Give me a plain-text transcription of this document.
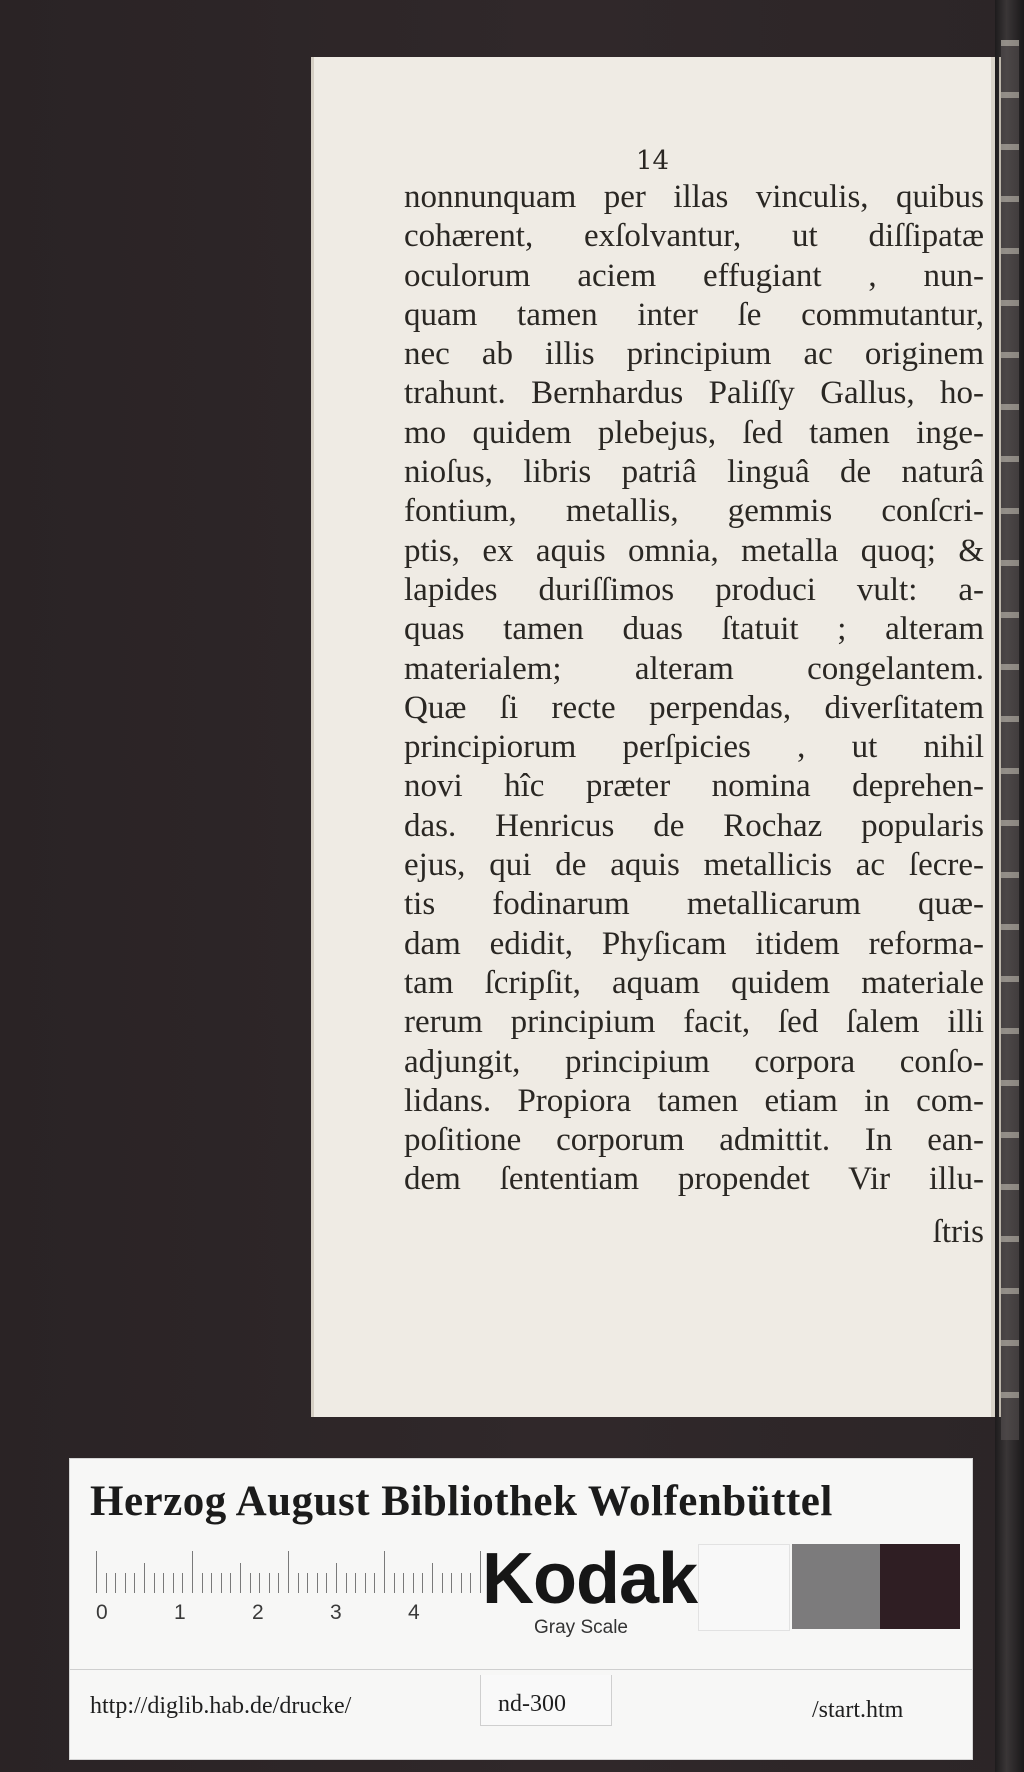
14
nonnunquam per illas vinculis, quibus
cohærent, exſolvantur, ut diſſipatæ
oculorum aciem effugiant , nun-
quam tamen inter ſe commutantur,
nec ab illis principium ac originem
trahunt. Bernhardus Paliſſy Gallus, ho-
mo quidem plebejus, ſed tamen inge-
nioſus, libris patriâ linguâ de naturâ
fontium, metallis, gemmis conſcri-
ptis, ex aquis omnia, metalla quoq; &
lapides duriſſimos produci vult: a-
quas tamen duas ſtatuit ; alteram
materialem; alteram congelantem.
Quæ ſi recte perpendas, diverſitatem
principiorum perſpicies , ut nihil
novi hîc præter nomina deprehen-
das. Henricus de Rochaz popularis
ejus, qui de aquis metallicis ac ſecre-
tis fodinarum metallicarum quæ-
dam edidit, Phyſicam itidem reforma-
tam ſcripſit, aquam quidem materiale
rerum principium facit, ſed ſalem illi
adjungit, principium corpora conſo-
lidans. Propiora tamen etiam in com-
poſitione corporum admittit. In ean-
dem ſententiam propendet Vir illu-
ſtris
Herzog August Bibliothek Wolfenbüttel
0	1	2	3	4 Kodak
Gray Scale
http://diglib.hab.de/drucke/	nd-300	/start.htm
